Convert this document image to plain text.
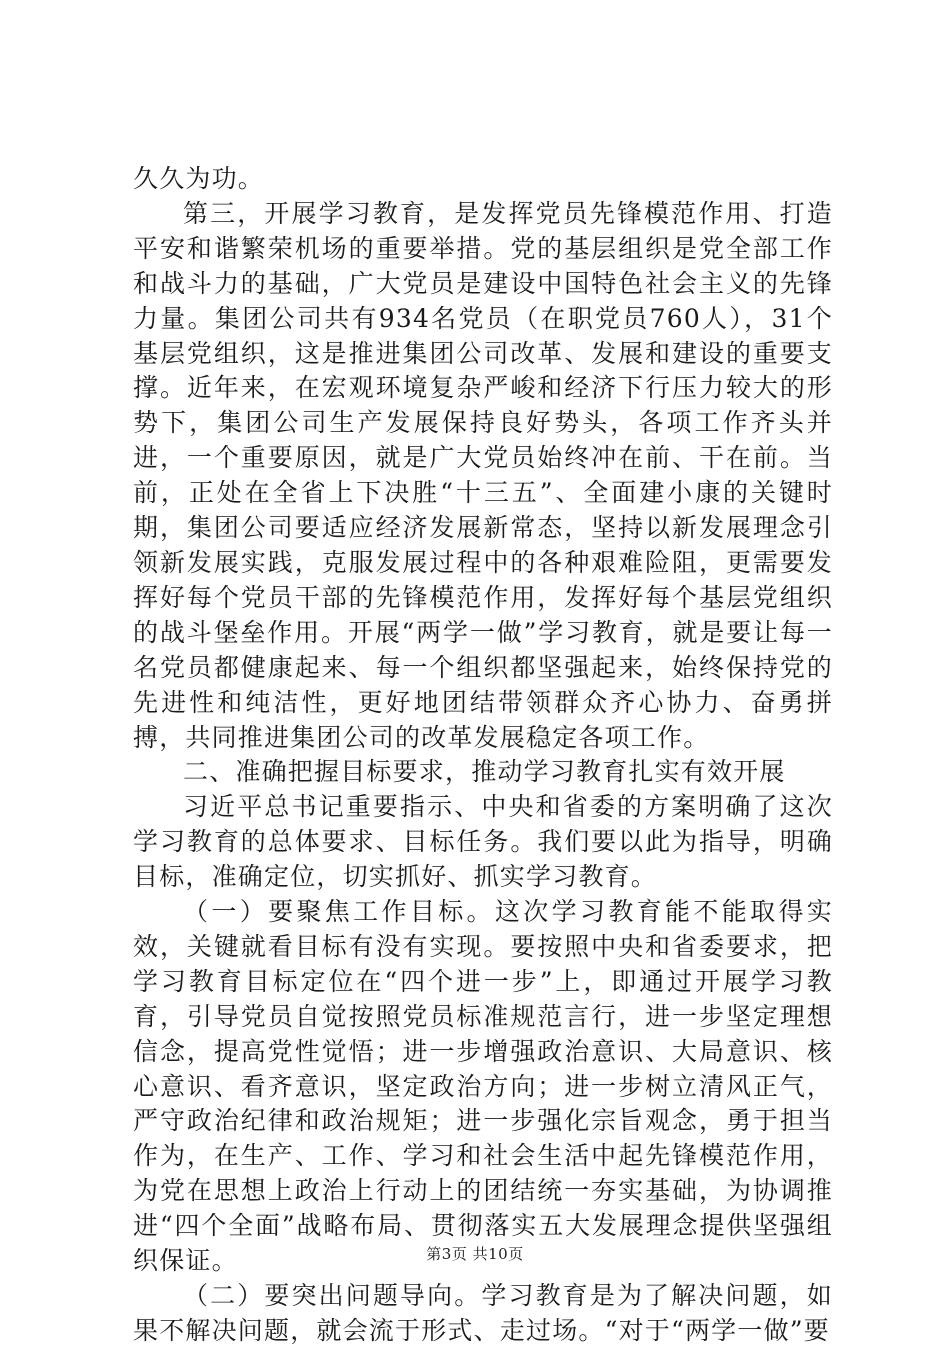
久久为功。

第三，开展学习教育，是发挥党员先锋模范作用、打造平安和谐繁荣机场的重要举措。党的基层组织是党全部工作和战斗力的基础，广大党员是建设中国特色社会主义的先锋力量。集团公司共有934名党员（在职党员760人），31个基层党组织，这是推进集团公司改革、发展和建设的重要支撑。近年来，在宏观环境复杂严峻和经济下行压力较大的形势下，集团公司生产发展保持良好势头，各项工作齐头并进，一个重要原因，就是广大党员始终冲在前、干在前。当前，正处在全省上下决胜“十三五”、全面建小康的关键时期，集团公司要适应经济发展新常态，坚持以新发展理念引领新发展实践，克服发展过程中的各种艰难险阻，更需要发挥好每个党员干部的先锋模范作用，发挥好每个基层党组织的战斗堡垒作用。开展“两学一做”学习教育，就是要让每一名党员都健康起来、每一个组织都坚强起来，始终保持党的先进性和纯洁性，更好地团结带领群众齐心协力、奋勇拼搏，共同推进集团公司的改革发展稳定各项工作。

二、准确把握目标要求，推动学习教育扎实有效开展

习近平总书记重要指示、中央和省委的方案明确了这次学习教育的总体要求、目标任务。我们要以此为指导，明确目标，准确定位，切实抓好、抓实学习教育。

（一）要聚焦工作目标。这次学习教育能不能取得实效，关键就看目标有没有实现。要按照中央和省委要求，把学习教育目标定位在“四个进一步”上，即通过开展学习教育，引导党员自觉按照党员标准规范言行，进一步坚定理想信念，提高党性觉悟；进一步增强政治意识、大局意识、核心意识、看齐意识，坚定政治方向；进一步树立清风正气，严守政治纪律和政治规矩；进一步强化宗旨观念，勇于担当作为，在生产、工作、学习和社会生活中起先锋模范作用，为党在思想上政治上行动上的团结统一夯实基础，为协调推进“四个全面”战略布局、贯彻落实五大发展理念提供坚强组织保证。

（二）要突出问题导向。学习教育是为了解决问题，如果不解决问题，就会流于形式、走过场。“对于“两学一做”要

第3页 共10页
